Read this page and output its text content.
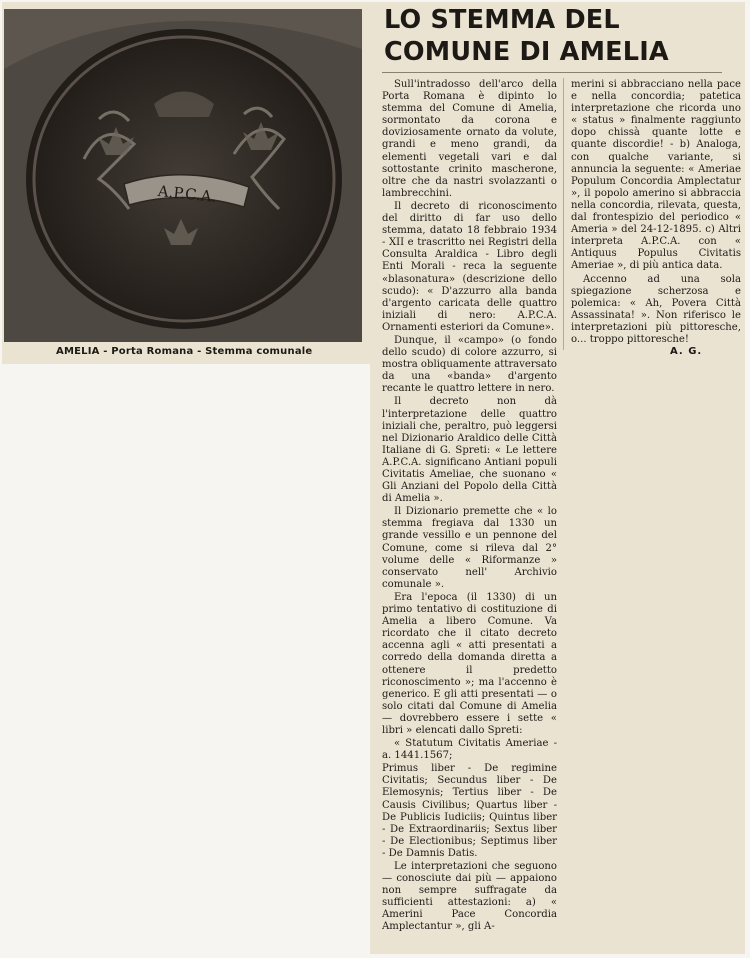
A.P.C.A.
AMELIA - Porta Romana - Stemma comunale
LO STEMMA DEL
COMUNE DI AMELIA

Sull'intradosso dell'arco della Porta Romana è dipinto lo stemma del Comune di Amelia, sormontato da corona e doviziosamente ornato da volute, grandi e meno grandi, da elementi vegetali vari e dal sottostante crinito mascherone, oltre che da nastri svolazzanti o lambrecchini.

Il decreto di riconoscimento del diritto di far uso dello stemma, datato 18 febbraio 1934 - XII e trascritto nei Registri della Consulta Araldica - Libro degli Enti Morali - reca la seguente «blasonatura» (descrizione dello scudo): « D'azzurro alla banda d'argento caricata delle quattro iniziali di nero: A.P.C.A. Ornamenti esteriori da Comune».

Dunque, il «campo» (o fondo dello scudo) di colore azzurro, si mostra obliquamente attraversato da una «banda» d'argento recante le quattro lettere in nero.

Il decreto non dà l'interpretazione delle quattro iniziali che, peraltro, può leggersi nel Dizionario Araldico delle Città Italiane di G. Spreti: « Le lettere A.P.C.A. significano Antiani populi Civitatis Ameliae, che suonano « Gli Anziani del Popolo della Città di Amelia ».

Il Dizionario premette che « lo stemma fregiava dal 1330 un grande vessillo e un pennone del Comune, come si rileva dal 2° volume delle « Riformanze » conservato nell' Archivio comunale ».

Era l'epoca (il 1330) di un primo tentativo di costituzione di Amelia a libero Comune. Va ricordato che il citato decreto accenna agli « atti presentati a corredo della domanda diretta a ottenere il predetto riconoscimento »; ma l'accenno è generico. E gli atti presentati — o solo citati dal Comune di Amelia — dovrebbero essere i sette « libri » elencati dallo Spreti:

« Statutum Civitatis Ameriae - a. 1441.1567;

Primus liber - De regimine Civitatis; Secundus liber - De Elemosynis; Tertius liber - De Causis Civilibus; Quartus liber - De Publicis Iudiciis; Quintus liber - De Extraordinariis; Sextus liber - De Electionibus; Septimus liber - De Damnis Datis.

Le interpretazioni che seguono — conosciute dai più — appaiono non sempre suffragate da sufficienti attestazioni: a) « Amerini Pace Concordia Amplectantur », gli A-

merini si abbracciano nella pace e nella concordia; patetica interpretazione che ricorda uno « status » finalmente raggiunto dopo chissà quante lotte e quante discordie! - b) Analoga, con qualche variante, si annuncia la seguente: « Ameriae Populum Concordia Amplectatur », il popolo amerino si abbraccia nella concordia, rilevata, questa, dal frontespizio del periodico « Ameria » del 24-12-1895. c) Altri interpreta A.P.C.A. con « Antiquus Populus Civitatis Ameriae », di più antica data.

Accenno ad una sola spiegazione scherzosa e polemica: « Ah, Povera Città Assassinata! ». Non riferisco le interpretazioni più pittoresche, o... troppo pittoresche!

A. G.
